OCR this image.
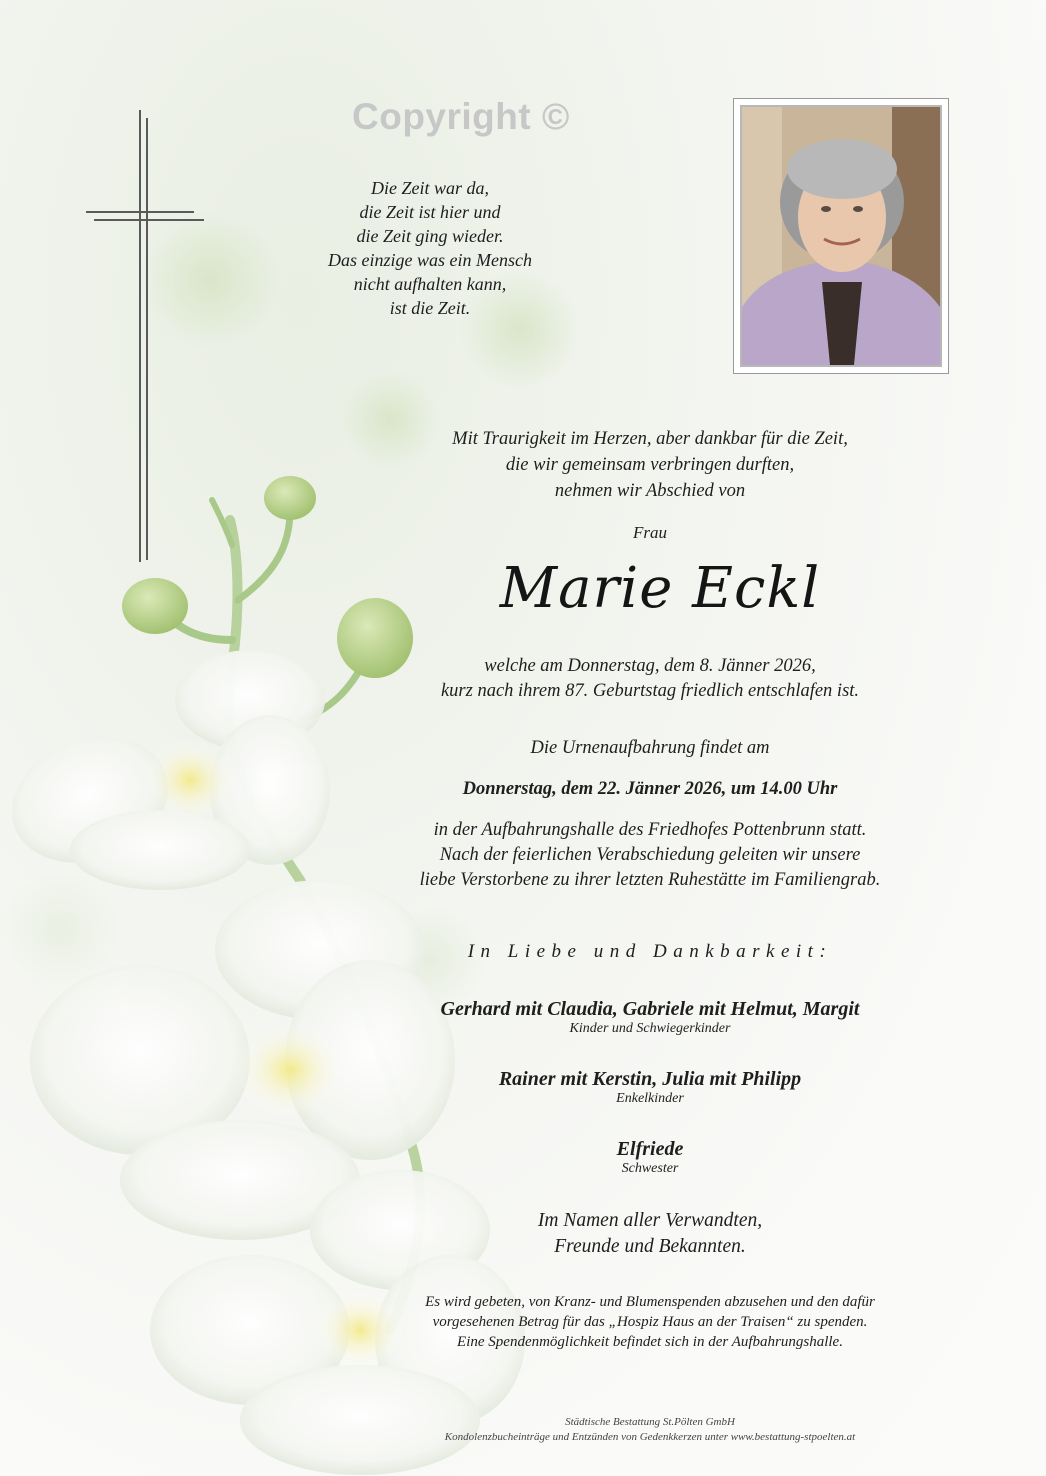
Copyright ©
Die Zeit war da,
die Zeit ist hier und
die Zeit ging wieder.
Das einzige was ein Mensch
nicht aufhalten kann,
ist die Zeit.
Mit Traurigkeit im Herzen, aber dankbar für die Zeit,
die wir gemeinsam verbringen durften,
nehmen wir Abschied von
Frau
Marie Eckl
welche am Donnerstag, dem 8. Jänner 2026,
kurz nach ihrem 87. Geburtstag friedlich entschlafen ist.
Die Urnenaufbahrung findet am
Donnerstag, dem 22. Jänner 2026, um 14.00 Uhr
in der Aufbahrungshalle des Friedhofes Pottenbrunn statt.
Nach der feierlichen Verabschiedung geleiten wir unsere
liebe Verstorbene zu ihrer letzten Ruhestätte im Familiengrab.
In Liebe und Dankbarkeit:
Gerhard mit Claudia, Gabriele mit Helmut, Margit
Kinder und Schwiegerkinder
Rainer mit Kerstin, Julia mit Philipp
Enkelkinder
Elfriede
Schwester
Im Namen aller Verwandten,
Freunde und Bekannten.
Es wird gebeten, von Kranz- und Blumenspenden abzusehen und den dafür
vorgesehenen Betrag für das „Hospiz Haus an der Traisen“ zu spenden.
Eine Spendenmöglichkeit befindet sich in der Aufbahrungshalle.
Städtische Bestattung St.Pölten GmbH
Kondolenzbucheinträge und Entzünden von Gedenkkerzen unter www.bestattung-stpoelten.at
